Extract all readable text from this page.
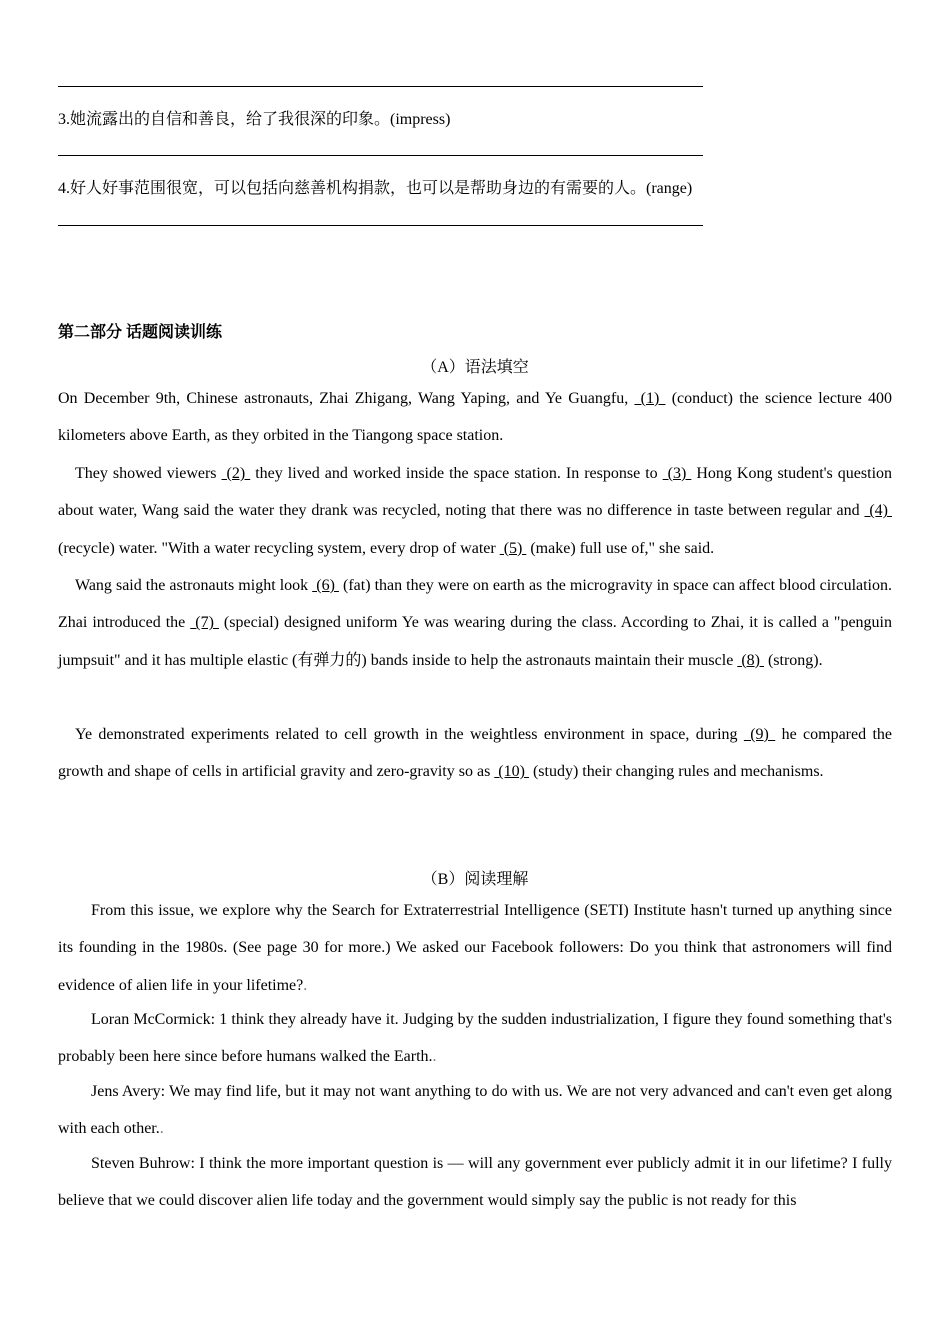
3.她流露出的自信和善良，给了我很深的印象。(impress)
4.好人好事范围很宽，可以包括向慈善机构捐款，也可以是帮助身边的有需要的人。(range)
第二部分 话题阅读训练
（A）语法填空

On December 9th, Chinese astronauts, Zhai Zhigang, Wang Yaping, and Ye Guangfu,  (1)  (conduct) the science lecture 400 kilometers above Earth, as they orbited in the Tiangong space station.

They showed viewers  (2)  they lived and worked inside the space station. In response to  (3)  Hong Kong student's question about water, Wang said the water they drank was recycled, noting that there was no difference in taste between regular and  (4)  (recycle) water. "With a water recycling system, every drop of water  (5)  (make) full use of," she said.

Wang said the astronauts might look  (6)  (fat) than they were on earth as the microgravity in space can affect blood circulation. Zhai introduced the  (7)  (special) designed uniform Ye was wearing during the class. According to Zhai, it is called a "penguin jumpsuit" and it has multiple elastic (有弹力的) bands inside to help the astronauts maintain their muscle  (8)  (strong).

Ye demonstrated experiments related to cell growth in the weightless environment in space, during  (9)  he compared the growth and shape of cells in artificial gravity and zero-gravity so as  (10)  (study) their changing rules and mechanisms.

（B）阅读理解

From this issue, we explore why the Search for Extraterrestrial Intelligence (SETI) Institute hasn't turned up anything since its founding in the 1980s. (See page 30 for more.) We asked our Facebook followers: Do you think that astronomers will find evidence of alien life in your lifetime?.

Loran McCormick: 1 think they already have it. Judging by the sudden industrialization, I figure they found something that's probably been here since before humans walked the Earth..

Jens Avery: We may find life, but it may not want anything to do with us. We are not very advanced and can't even get along with each other..

Steven Buhrow: I think the more important question is — will any government ever publicly admit it in our lifetime? I fully believe that we could discover alien life today and the government would simply say the public is not ready for this
